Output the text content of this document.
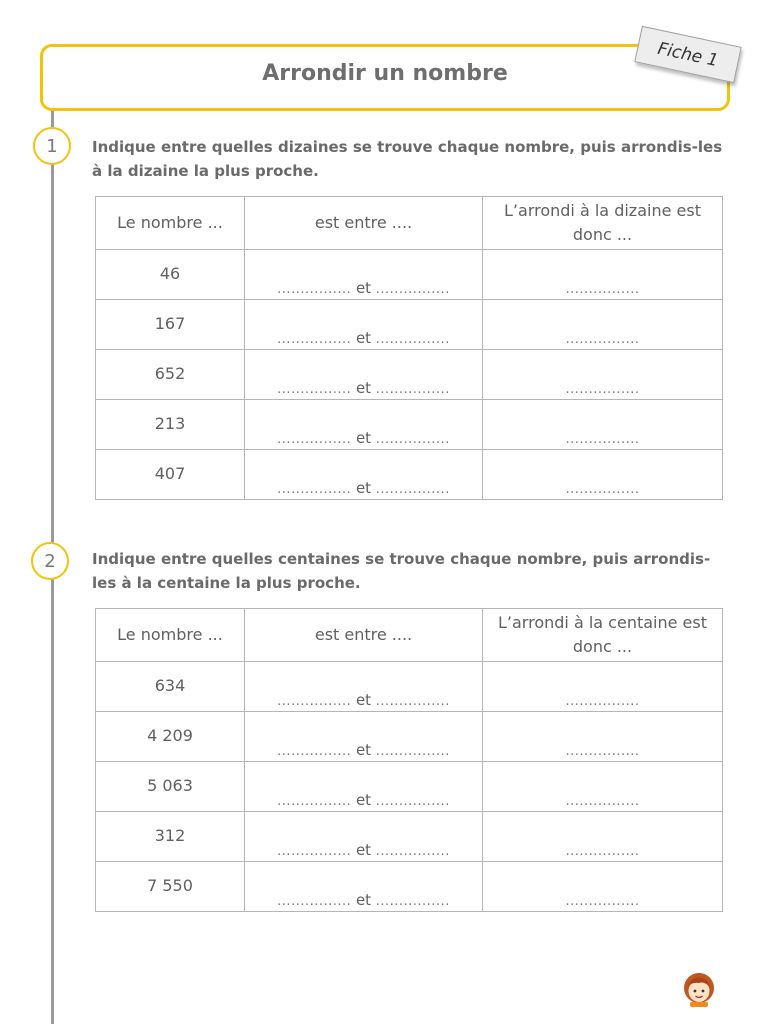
Arrondir un nombre
Fiche 1
1	Indique entre quelles dizaines se trouve chaque nombre, puis arrondis-les à la dizaine la plus proche.
Le nombre ...	est entre ....	L’arrondi à la dizaine est donc ...

46	................ et ................	................

167	................ et ................	................

652	................ et ................	................

213	................ et ................	................

407	................ et ................	................
2	Indique entre quelles centaines se trouve chaque nombre, puis arrondis-les à la centaine la plus proche.
Le nombre ...	est entre ....	L’arrondi à la centaine est donc ...

634	................ et ................	................

4 209	................ et ................	................

5 063	................ et ................	................

312	................ et ................	................

7 550	................ et ................	................
